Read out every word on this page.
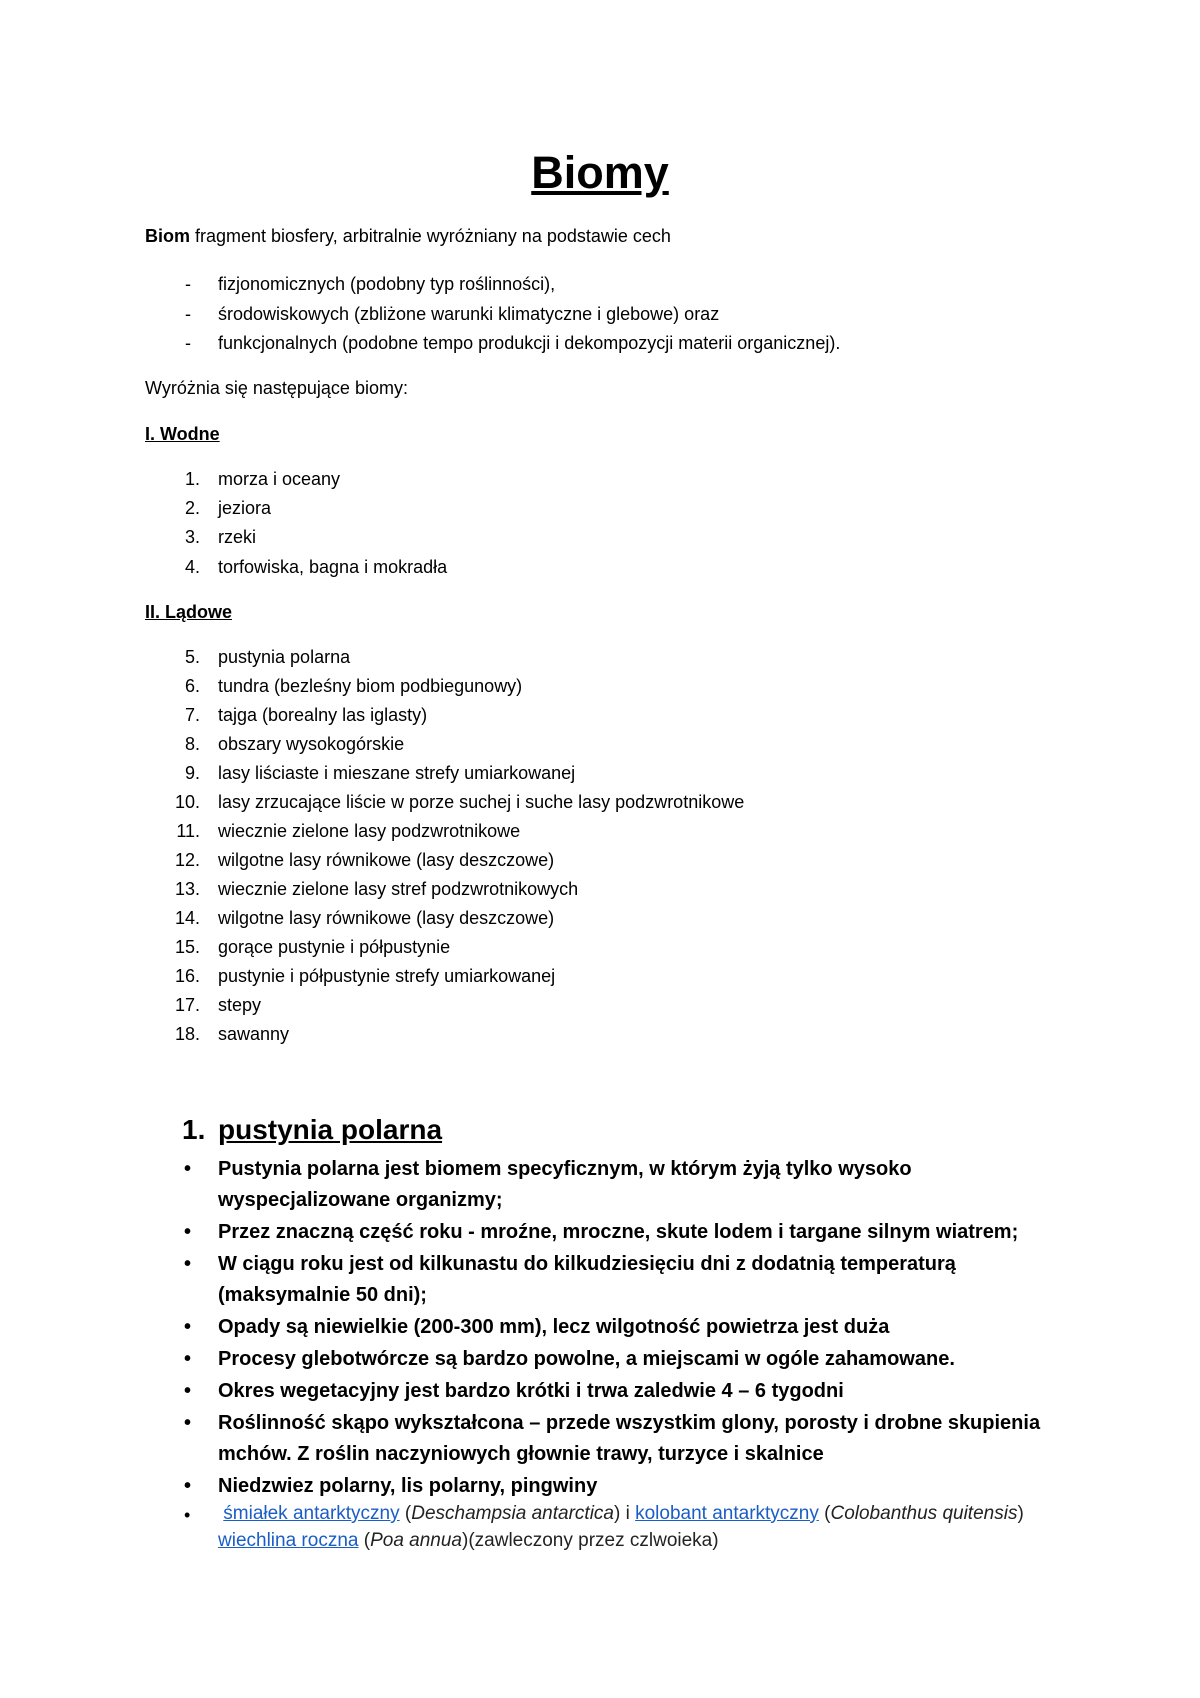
Biomy

Biom fragment biosfery, arbitralnie wyróżniany na podstawie cech

- fizjonomicznych (podobny typ roślinności),
- środowiskowych (zbliżone warunki klimatyczne i glebowe) oraz
- funkcjonalnych (podobne tempo produkcji i dekompozycji materii organicznej).

Wyróżnia się następujące biomy:

I. Wodne

1. morza i oceany
2. jeziora
3. rzeki
4. torfowiska, bagna i mokradła

II. Lądowe

5. pustynia polarna
6. tundra (bezleśny biom podbiegunowy)
7. tajga (borealny las iglasty)
8. obszary wysokogórskie
9. lasy liściaste i mieszane strefy umiarkowanej
10. lasy zrzucające liście w porze suchej i suche lasy podzwrotnikowe
11. wiecznie zielone lasy podzwrotnikowe
12. wilgotne lasy równikowe (lasy deszczowe)
13. wiecznie zielone lasy stref podzwrotnikowych
14. wilgotne lasy równikowe (lasy deszczowe)
15. gorące pustynie i półpustynie
16. pustynie i półpustynie strefy umiarkowanej
17. stepy
18. sawanny
1. pustynia polarna
• Pustynia polarna jest biomem specyficznym, w którym żyją tylko wysoko wyspecjalizowane organizmy;
• Przez znaczną część roku - mroźne, mroczne, skute lodem i targane silnym wiatrem;
• W ciągu roku jest od kilkunastu do kilkudziesięciu dni z dodatnią temperaturą (maksymalnie 50 dni);
• Opady są niewielkie (200-300 mm), lecz wilgotność powietrza jest duża
• Procesy glebotwórcze są bardzo powolne, a miejscami w ogóle zahamowane.
• Okres wegetacyjny jest bardzo krótki i trwa zaledwie 4 – 6 tygodni
• Roślinność skąpo wykształcona – przede wszystkim glony, porosty i drobne skupienia mchów. Z roślin naczyniowych głownie trawy, turzyce i skalnice
• Niedzwiez polarny, lis polarny, pingwiny
• śmiałek antarktyczny (Deschampsia antarctica) i kolobant antarktyczny (Colobanthus quitensis) wiechlina roczna (Poa annua)(zawleczony przez czlwoieka)
